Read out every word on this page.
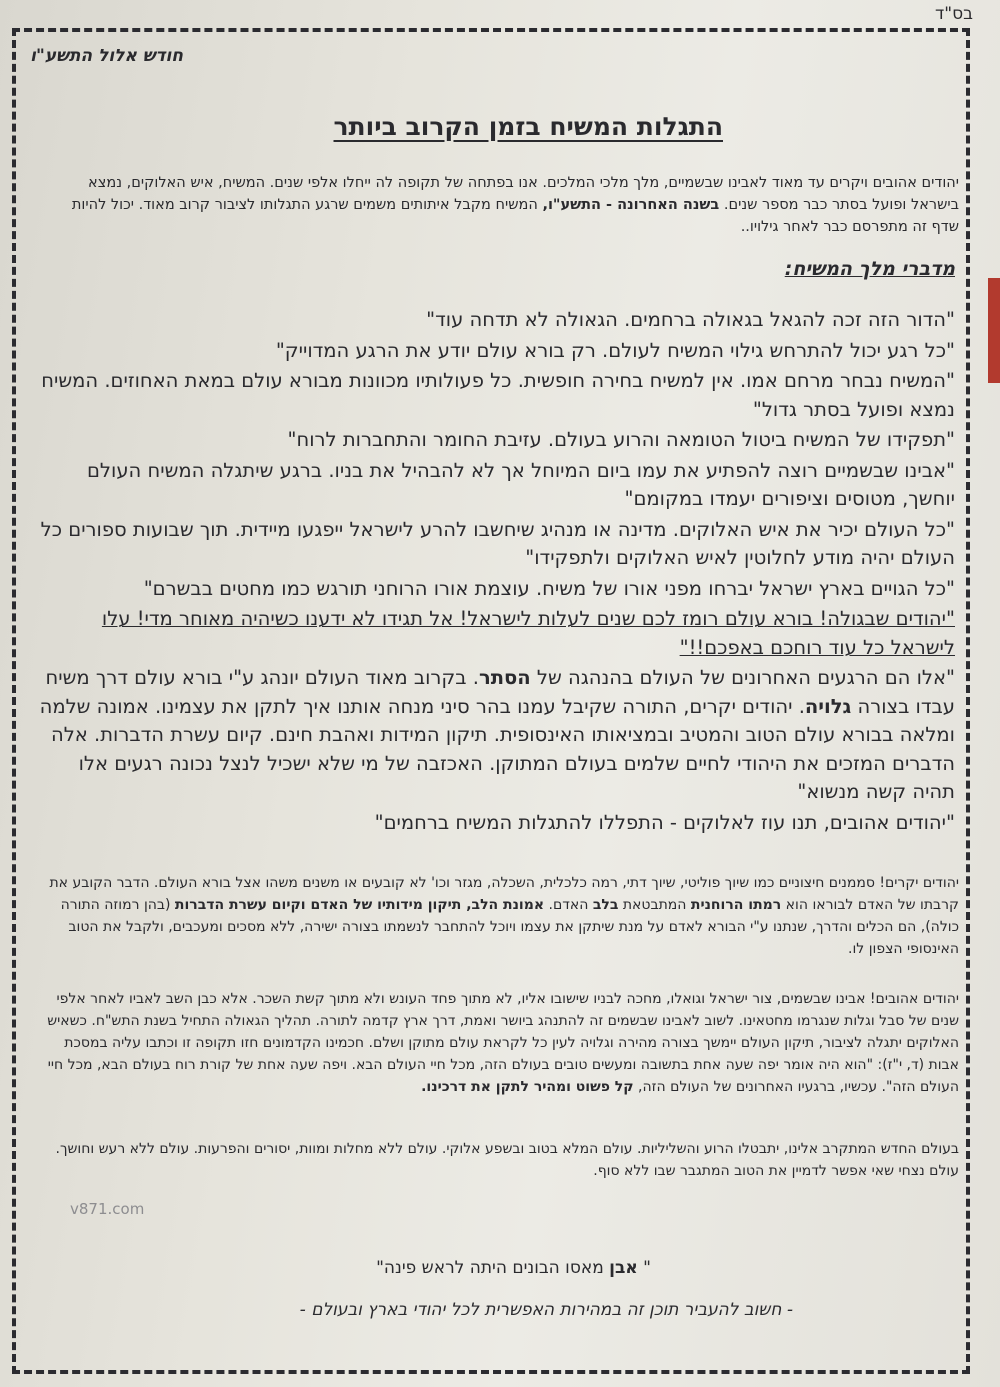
בס"ד
חודש אלול התשע"ו
התגלות המשיח בזמן הקרוב ביותר
יהודים אהובים ויקרים עד מאוד לאבינו שבשמיים, מלך מלכי המלכים. אנו בפתחה של תקופה לה ייחלו אלפי שנים. המשיח, איש האלוקים, נמצא בישראל ופועל בסתר כבר מספר שנים. בשנה האחרונה - התשע"ו, המשיח מקבל איתותים משמים שרגע התגלותו לציבור קרוב מאוד. יכול להיות שדף זה מתפרסם כבר לאחר גילויו..
מדברי מלך המשיח:

"הדור הזה זכה להגאל בגאולה ברחמים. הגאולה לא תדחה עוד"

"כל רגע יכול להתרחש גילוי המשיח לעולם. רק בורא עולם יודע את הרגע המדוייק"

"המשיח נבחר מרחם אמו. אין למשיח בחירה חופשית. כל פעולותיו מכוונות מבורא עולם במאת האחוזים. המשיח נמצא ופועל בסתר גדול"

"תפקידו של המשיח ביטול הטומאה והרוע בעולם. עזיבת החומר והתחברות לרוח"

"אבינו שבשמיים רוצה להפתיע את עמו ביום המיוחל אך לא להבהיל את בניו. ברגע שיתגלה המשיח העולם יוחשך, מטוסים וציפורים יעמדו במקומם"

"כל העולם יכיר את איש האלוקים. מדינה או מנהיג שיחשבו להרע לישראל ייפגעו מיידית. תוך שבועות ספורים כל העולם יהיה מודע לחלוטין לאיש האלוקים ולתפקידו"

"כל הגויים בארץ ישראל יברחו מפני אורו של משיח. עוצמת אורו הרוחני תורגש כמו מחטים בבשרם"

"יהודים שבגולה! בורא עולם רומז לכם שנים לעלות לישראל! אל תגידו לא ידענו כשיהיה מאוחר מדי! עלו לישראל כל עוד רוחכם באפכם!!"

"אלו הם הרגעים האחרונים של העולם בהנהגה של הסתר. בקרוב מאוד העולם יונהג ע"י בורא עולם דרך משיח עבדו בצורה גלויה. יהודים יקרים, התורה שקיבל עמנו בהר סיני מנחה אותנו איך לתקן את עצמינו. אמונה שלמה ומלאה בבורא עולם הטוב והמטיב ובמציאותו האינסופית. תיקון המידות ואהבת חינם. קיום עשרת הדברות. אלה הדברים המזכים את היהודי לחיים שלמים בעולם המתוקן. האכזבה של מי שלא ישכיל לנצל נכונה רגעים אלו תהיה קשה מנשוא"

"יהודים אהובים, תנו עוז לאלוקים - התפללו להתגלות המשיח ברחמים"

יהודים יקרים! סממנים חיצוניים כמו שיוך פוליטי, שיוך דתי, רמה כלכלית, השכלה, מגזר וכו' לא קובעים או משנים משהו אצל בורא העולם. הדבר הקובע את קרבתו של האדם לבוראו הוא רמתו הרוחנית המתבטאת בלב האדם. אמונת הלב, תיקון מידותיו של האדם וקיום עשרת הדברות (בהן רמוזה התורה כולה), הם הכלים והדרך, שנתנו ע"י הבורא לאדם על מנת שיתקן את עצמו ויוכל להתחבר לנשמתו בצורה ישירה, ללא מסכים ומעכבים, ולקבל את הטוב האינסופי הצפון לו.
יהודים אהובים! אבינו שבשמים, צור ישראל וגואלו, מחכה לבניו שישובו אליו, לא מתוך פחד העונש ולא מתוך קשת השכר. אלא כבן השב לאביו לאחר אלפי שנים של סבל וגלות שנגרמו מחטאינו. לשוב לאבינו שבשמים זה להתנהג ביושר ואמת, דרך ארץ קדמה לתורה. תהליך הגאולה התחיל בשנת התש"ח. כשאיש האלוקים יתגלה לציבור, תיקון העולם יימשך בצורה מהירה וגלויה לעין כל לקראת עולם מתוקן ושלם. חכמינו הקדמונים חזו תקופה זו וכתבו עליה במסכת אבות (ד, י"ז): "הוא היה אומר יפה שעה אחת בתשובה ומעשים טובים בעולם הזה, מכל חיי העולם הבא. ויפה שעה אחת של קורת רוח בעולם הבא, מכל חיי העולם הזה". עכשיו, ברגעיו האחרונים של העולם הזה, קל פשוט ומהיר לתקן את דרכינו.
בעולם החדש המתקרב אלינו, יתבטלו הרוע והשליליות. עולם המלא בטוב ובשפע אלוקי. עולם ללא מחלות ומוות, יסורים והפרעות. עולם ללא רעש וחושך. עולם נצחי שאי אפשר לדמיין את הטוב המתגבר שבו ללא סוף.
" אבן מאסו הבונים היתה לראש פינה"
- חשוב להעביר תוכן זה במהירות האפשרית לכל יהודי בארץ ובעולם -
v871.com
